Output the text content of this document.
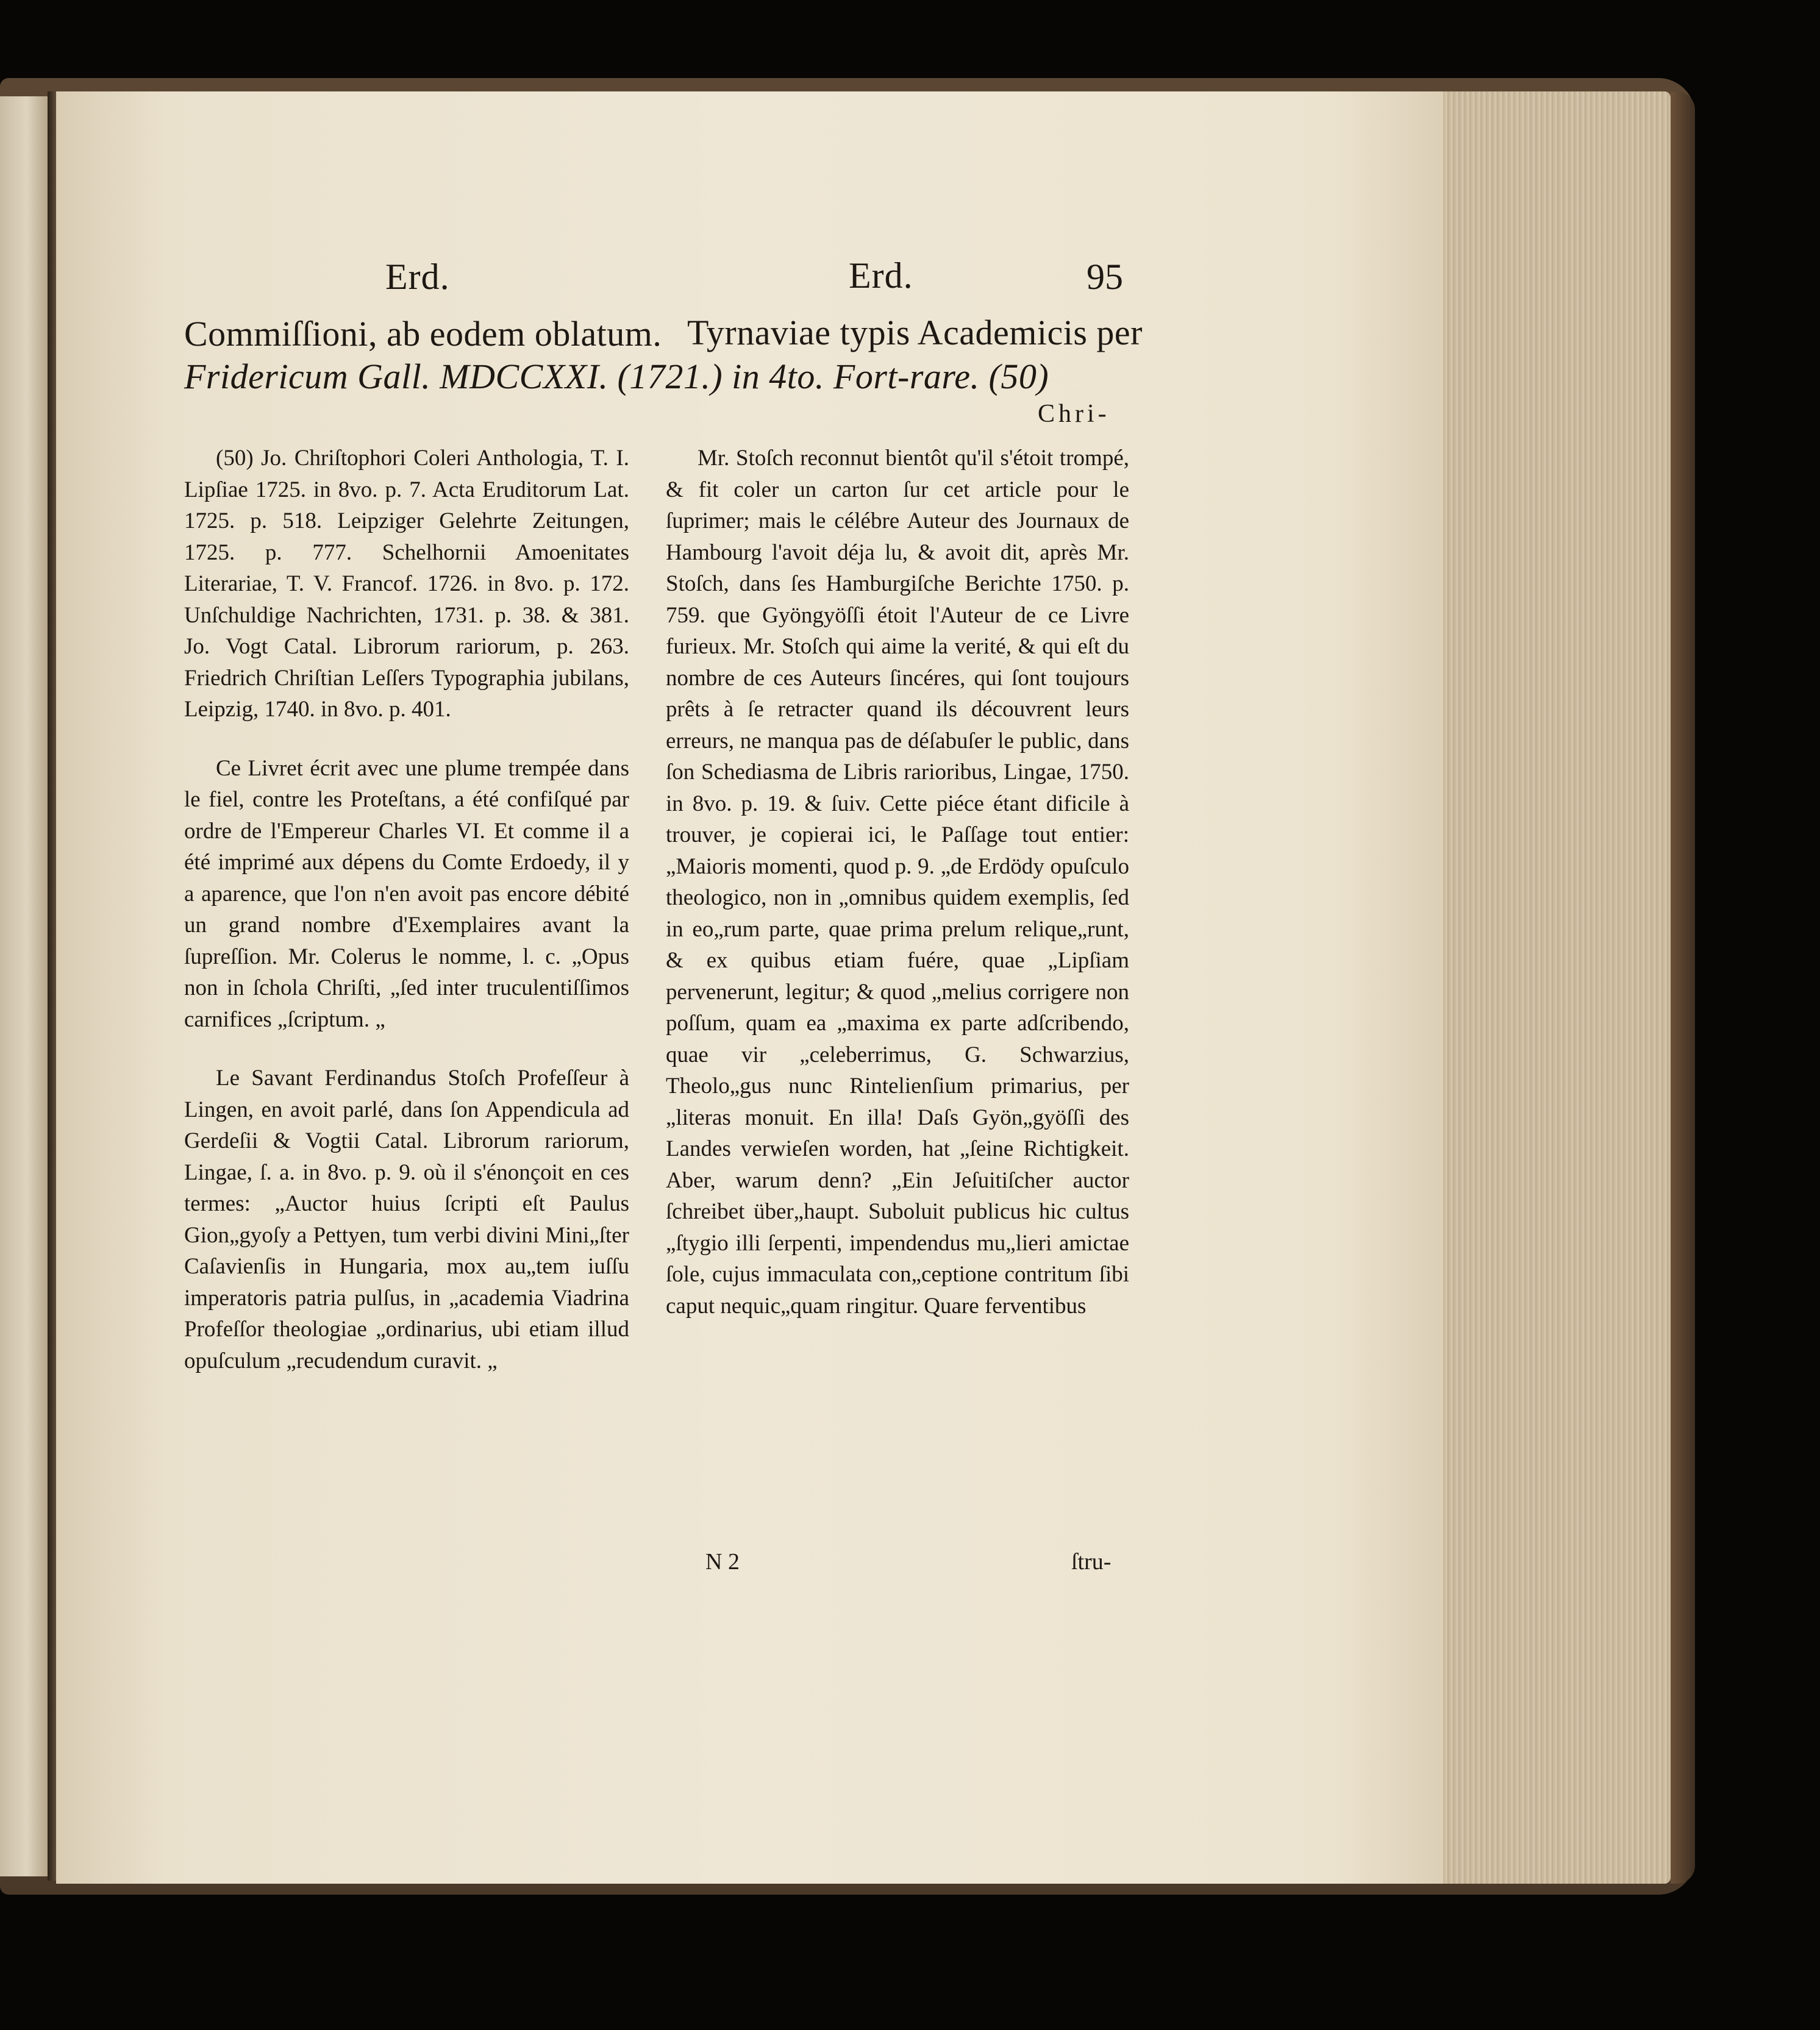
Erd.	Erd.	95
Commiſſioni, ab eodem oblatum. Tyrnaviae typis Academicis per
Fridericum Gall. MDCCXXI. (1721.) in 4to. Fort-rare. (50)
Chri-

(50) Jo. Chriſtophori Coleri Anthologia, T. I. Lipſiae 1725. in 8vo. p. 7. Acta Eruditorum Lat. 1725. p. 518. Leipziger Gelehrte Zeitungen, 1725. p. 777. Schelhornii Amoenitates Literariae, T. V. Francof. 1726. in 8vo. p. 172. Unſchuldige Nachrichten, 1731. p. 38. & 381. Jo. Vogt Catal. Librorum rariorum, p. 263. Friedrich Chriſtian Leſſers Typographia jubilans, Leipzig, 1740. in 8vo. p. 401.

Ce Livret écrit avec une plume trempée dans le fiel, contre les Proteſtans, a été confiſqué par ordre de l'Empereur Charles VI. Et comme il a été imprimé aux dépens du Comte Erdoedy, il y a aparence, que l'on n'en avoit pas encore débité un grand nombre d'Exemplaires avant la ſupreſſion. Mr. Colerus le nomme, l. c. „Opus non in ſchola Chriſti, „ſed inter truculentiſſimos carnifices „ſcriptum. „

Le Savant Ferdinandus Stoſch Profeſſeur à Lingen, en avoit parlé, dans ſon Appendicula ad Gerdeſii & Vogtii Catal. Librorum rariorum, Lingae, ſ. a. in 8vo. p. 9. où il s'énonçoit en ces termes: „Auctor huius ſcripti eſt Paulus Gion„gyoſy a Pettyen, tum verbi divini Mini„ſter Caſavienſis in Hungaria, mox au„tem iuſſu imperatoris patria pulſus, in „academia Viadrina Profeſſor theologiae „ordinarius, ubi etiam illud opuſculum „recudendum curavit. „

Mr. Stoſch reconnut bientôt qu'il s'étoit trompé, & fit coler un carton ſur cet article pour le ſuprimer; mais le célébre Auteur des Journaux de Hambourg l'avoit déja lu, & avoit dit, après Mr. Stoſch, dans ſes Hamburgiſche Berichte 1750. p. 759. que Gyöngyöſſi étoit l'Auteur de ce Livre furieux. Mr. Stoſch qui aime la verité, & qui eſt du nombre de ces Auteurs ſincéres, qui ſont toujours prêts à ſe retracter quand ils découvrent leurs erreurs, ne manqua pas de déſabuſer le public, dans ſon Schediasma de Libris rarioribus, Lingae, 1750. in 8vo. p. 19. & ſuiv. Cette piéce étant dificile à trouver, je copierai ici, le Paſſage tout entier: „Maioris momenti, quod p. 9. „de Erdödy opuſculo theologico, non in „omnibus quidem exemplis, ſed in eo„rum parte, quae prima prelum relique„runt, & ex quibus etiam fuére, quae „Lipſiam pervenerunt, legitur; & quod „melius corrigere non poſſum, quam ea „maxima ex parte adſcribendo, quae vir „celeberrimus, G. Schwarzius, Theolo„gus nunc Rintelienſium primarius, per „literas monuit. En illa! Daſs Gyön„gyöſſi des Landes verwieſen worden, hat „ſeine Richtigkeit. Aber, warum denn? „Ein Jeſuitiſcher auctor ſchreibet über„haupt. Suboluit publicus hic cultus „ſtygio illi ſerpenti, impendendus mu„lieri amictae ſole, cujus immaculata con„ceptione contritum ſibi caput nequic„quam ringitur. Quare ferventibus

N 2	ſtru-
